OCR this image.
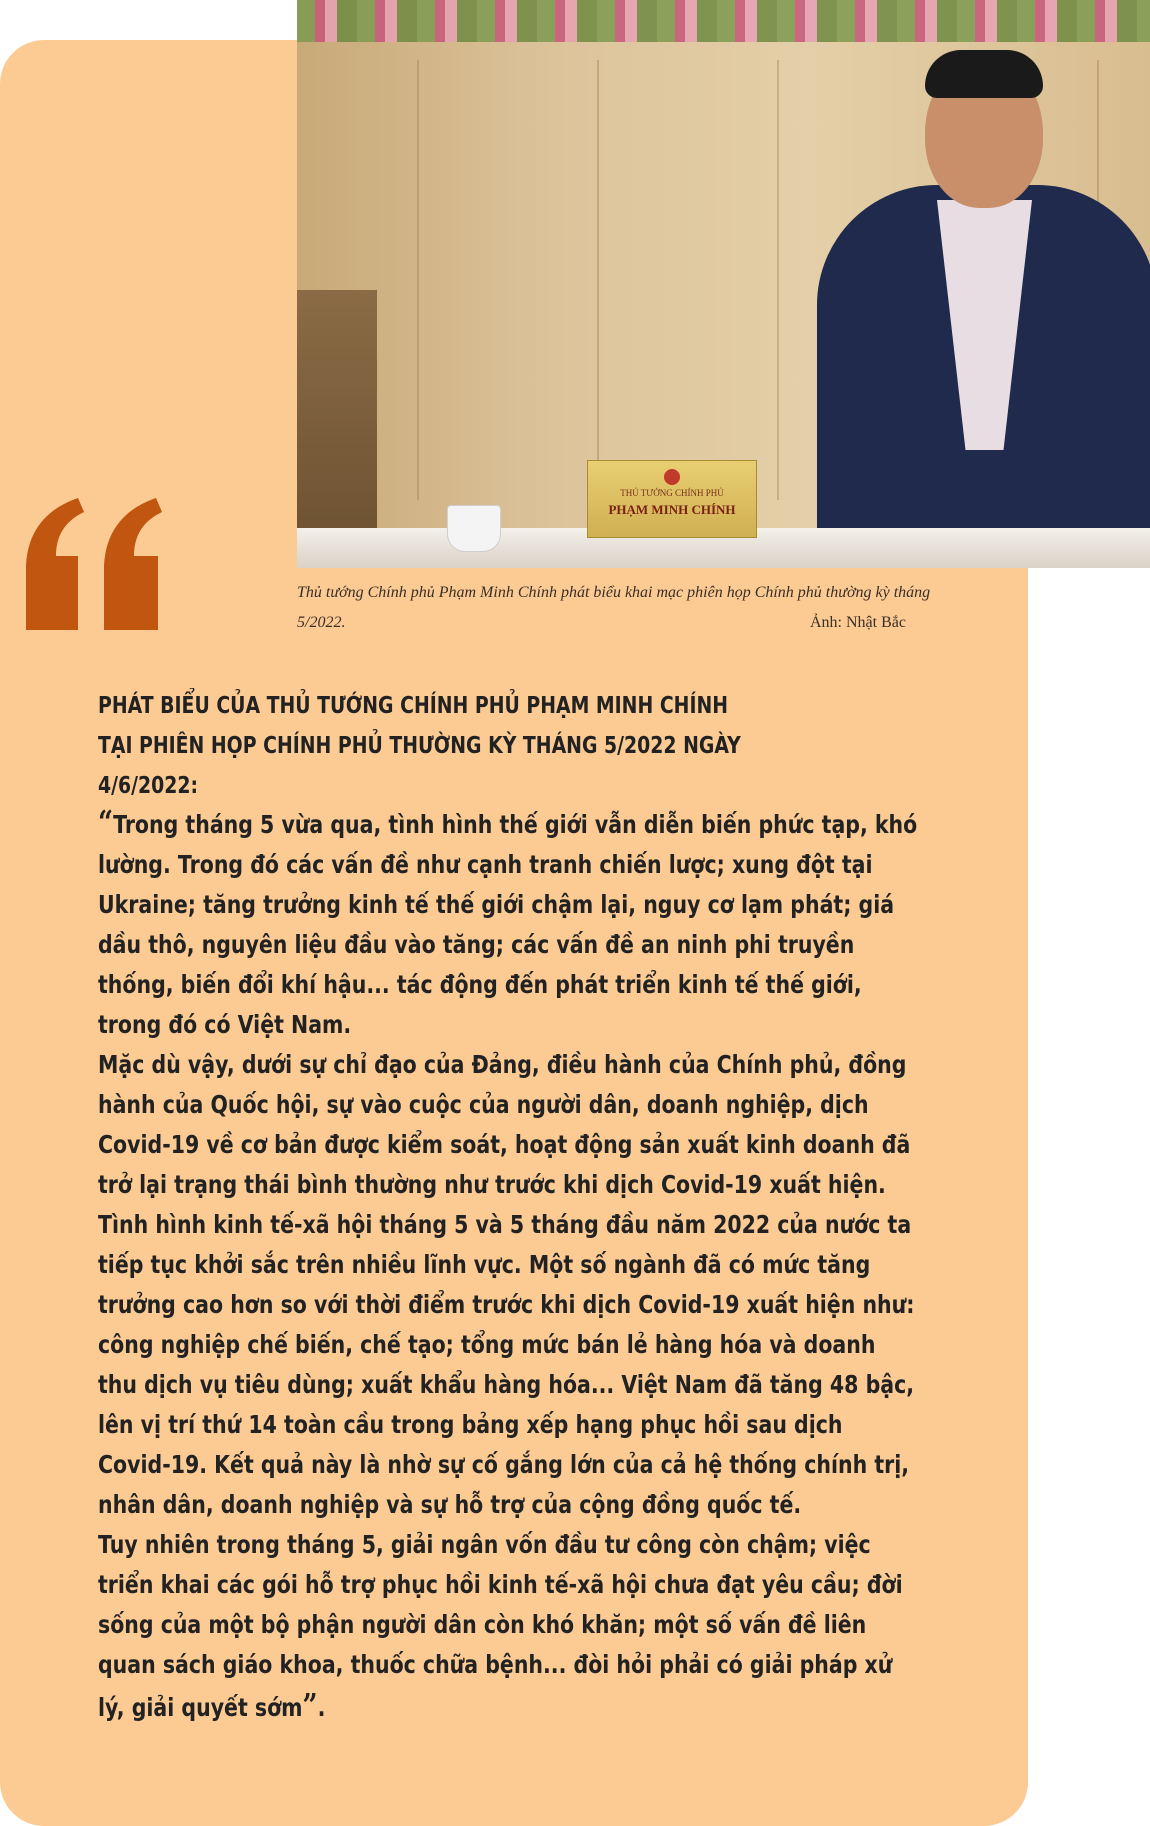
THỦ TƯỚNG CHÍNH PHỦ
PHẠM MINH CHÍNH
Thủ tướng Chính phủ Phạm Minh Chính phát biểu khai mạc phiên họp Chính phủ thường kỳ tháng 5/2022.	Ảnh: Nhật Bắc
PHÁT BIỂU CỦA THỦ TƯỚNG CHÍNH PHỦ PHẠM MINH CHÍNH
TẠI PHIÊN HỌP CHÍNH PHỦ THƯỜNG KỲ THÁNG 5/2022 NGÀY 4/6/2022:

“Trong tháng 5 vừa qua, tình hình thế giới vẫn diễn biến phức tạp, khó lường. Trong đó các vấn đề như cạnh tranh chiến lược; xung đột tại Ukraine; tăng trưởng kinh tế thế giới chậm lại, nguy cơ lạm phát; giá dầu thô, nguyên liệu đầu vào tăng; các vấn đề an ninh phi truyền thống, biến đổi khí hậu... tác động đến phát triển kinh tế thế giới, trong đó có Việt Nam.

Mặc dù vậy, dưới sự chỉ đạo của Đảng, điều hành của Chính phủ, đồng hành của Quốc hội, sự vào cuộc của người dân, doanh nghiệp, dịch Covid-19 về cơ bản được kiểm soát, hoạt động sản xuất kinh doanh đã trở lại trạng thái bình thường như trước khi dịch Covid-19 xuất hiện.

Tình hình kinh tế-xã hội tháng 5 và 5 tháng đầu năm 2022 của nước ta tiếp tục khởi sắc trên nhiều lĩnh vực. Một số ngành đã có mức tăng trưởng cao hơn so với thời điểm trước khi dịch Covid-19 xuất hiện như: công nghiệp chế biến, chế tạo; tổng mức bán lẻ hàng hóa và doanh thu dịch vụ tiêu dùng; xuất khẩu hàng hóa... Việt Nam đã tăng 48 bậc, lên vị trí thứ 14 toàn cầu trong bảng xếp hạng phục hồi sau dịch Covid-19. Kết quả này là nhờ sự cố gắng lớn của cả hệ thống chính trị, nhân dân, doanh nghiệp và sự hỗ trợ của cộng đồng quốc tế.

Tuy nhiên trong tháng 5, giải ngân vốn đầu tư công còn chậm; việc triển khai các gói hỗ trợ phục hồi kinh tế-xã hội chưa đạt yêu cầu; đời sống của một bộ phận người dân còn khó khăn; một số vấn đề liên quan sách giáo khoa, thuốc chữa bệnh... đòi hỏi phải có giải pháp xử lý, giải quyết sớm”.
